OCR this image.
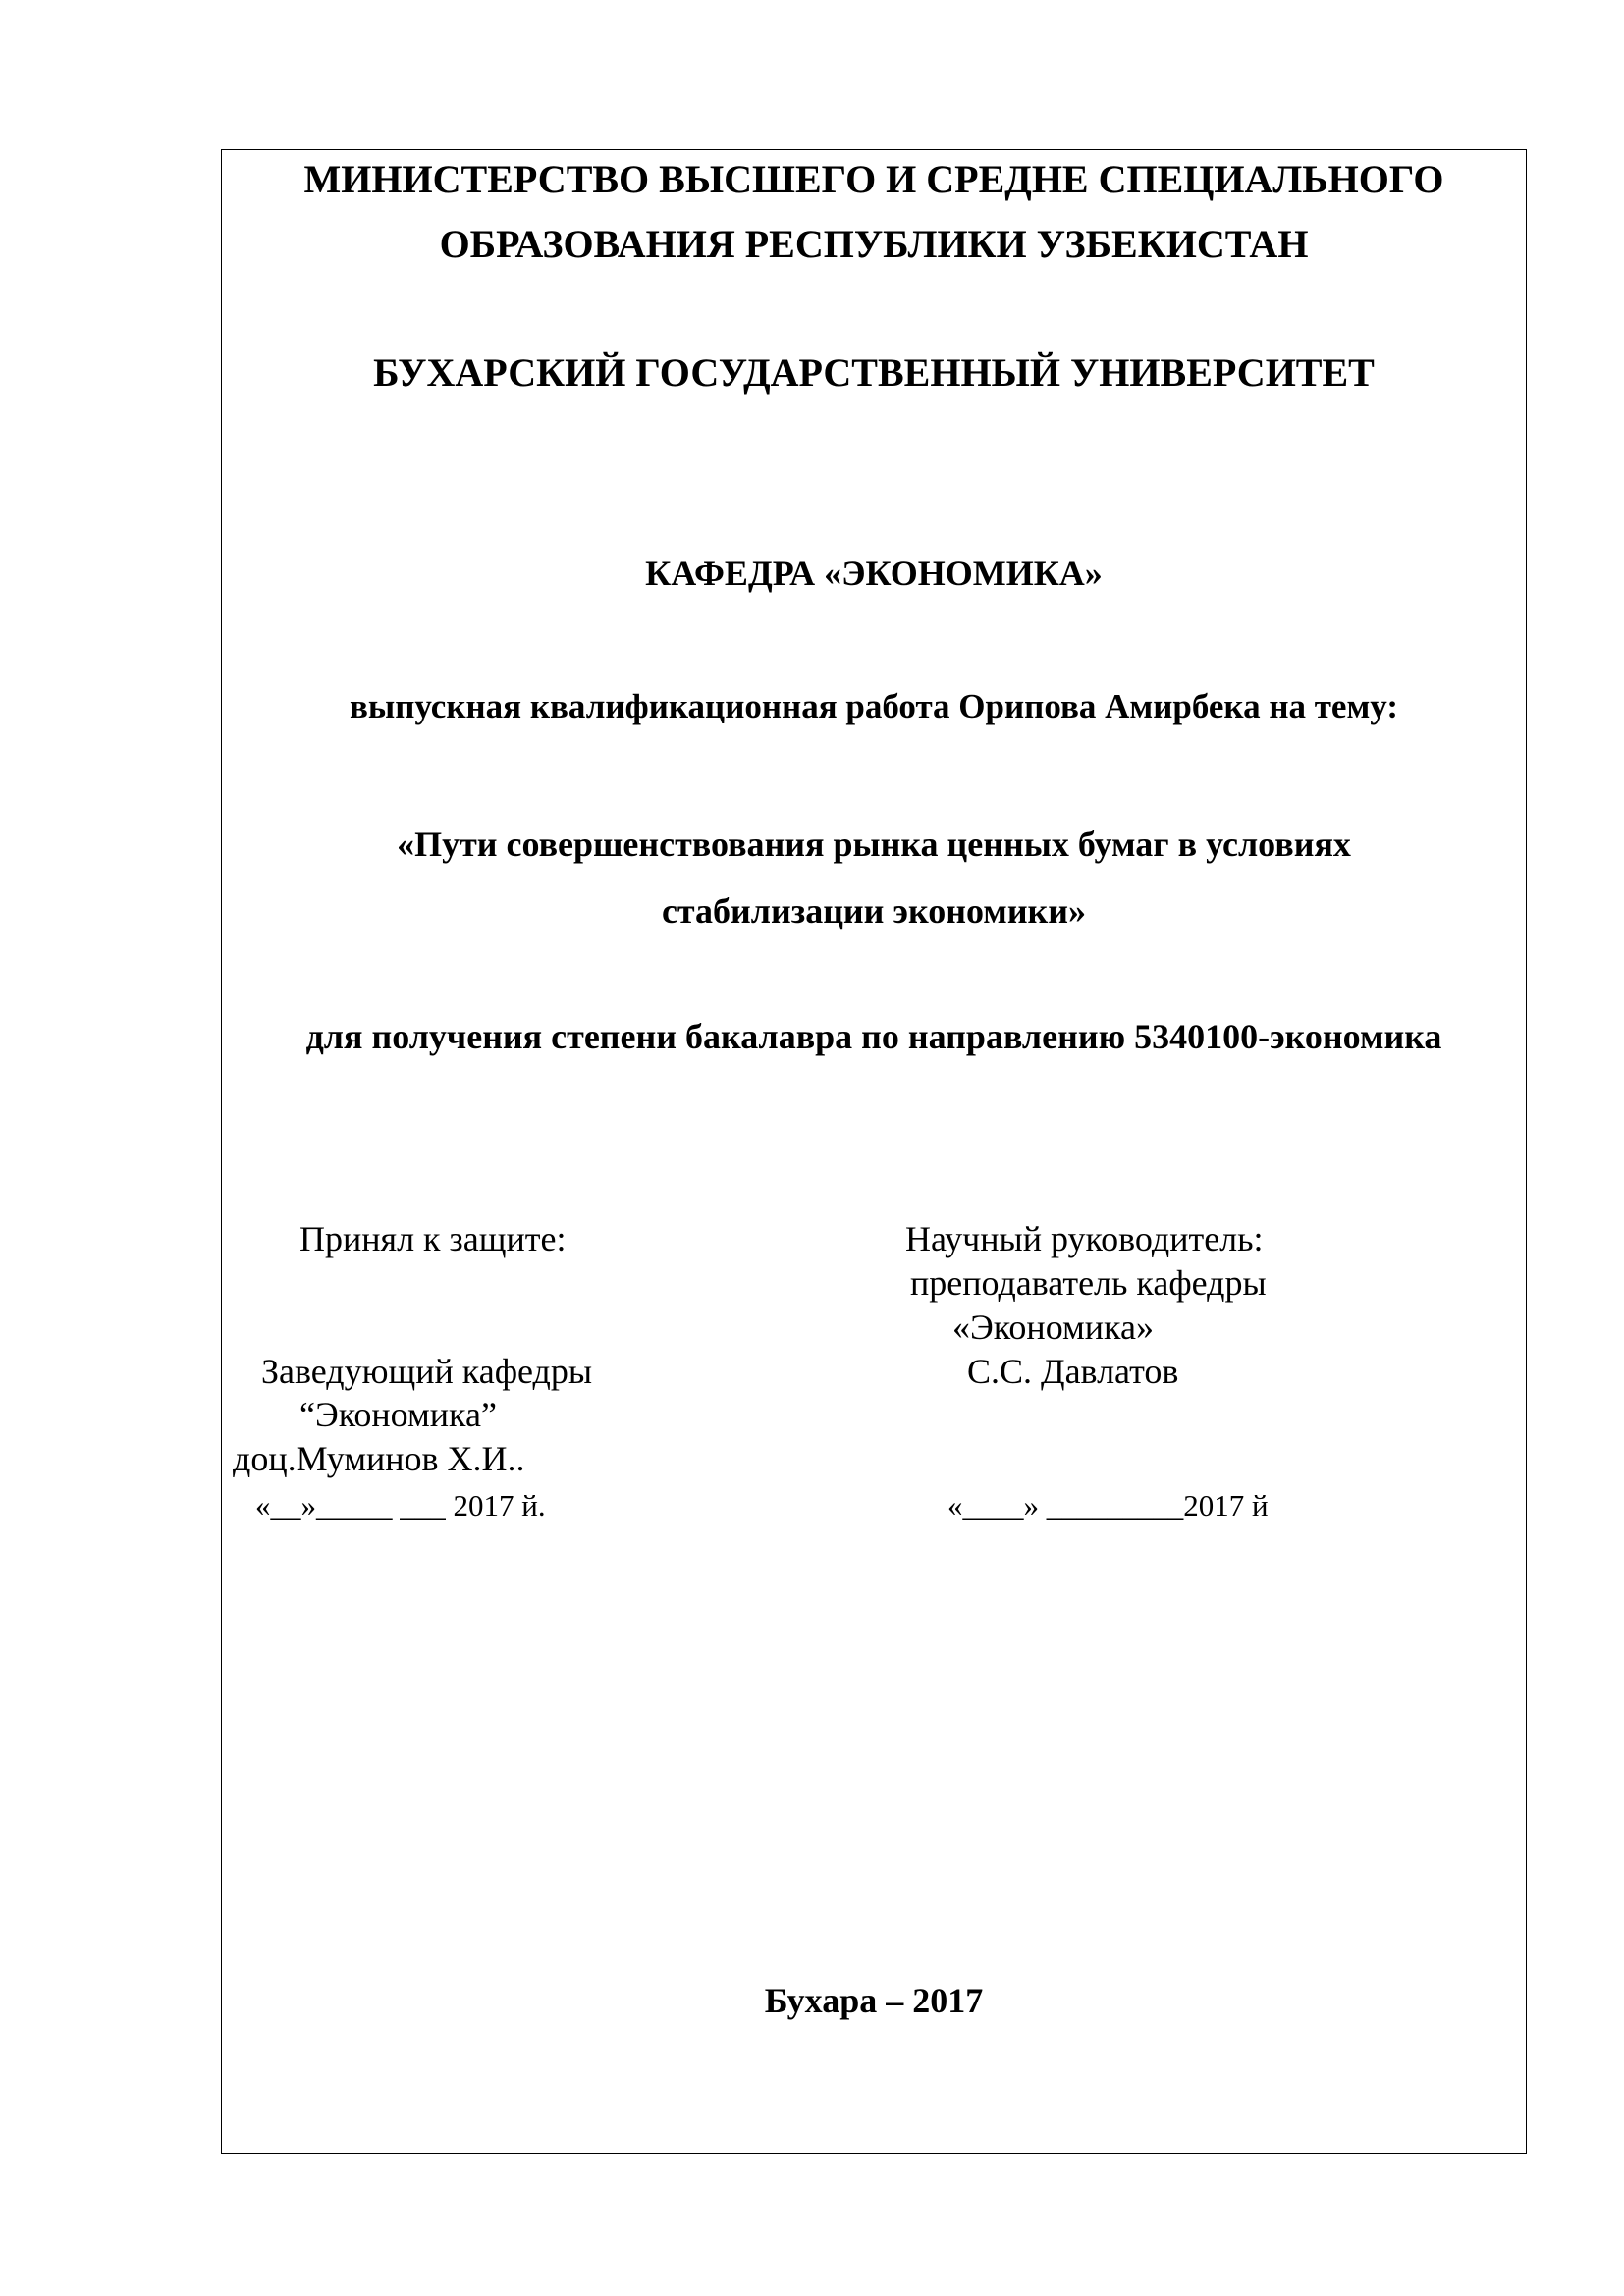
МИНИСТЕРСТВО ВЫСШЕГО И СРЕДНЕ СПЕЦИАЛЬНОГО
ОБРАЗОВАНИЯ РЕСПУБЛИКИ УЗБЕКИСТАН
БУХАРСКИЙ ГОСУДАРСТВЕННЫЙ УНИВЕРСИТЕТ
КАФЕДРА «ЭКОНОМИКА»
выпускная квалификационная работа Орипова Амирбека на тему:
«Пути совершенствования рынка ценных бумаг в условиях
стабилизации экономики»
для получения степени бакалавра по направлению 5340100-экономика
Принял к защите:
Заведующий кафедры
“Экономика”
доц.Муминов Х.И..
«__»_____ ___ 2017 й.
Научный руководитель:
преподаватель кафедры
«Экономика»
С.С. Давлатов
«____» _________2017 й
Бухара – 2017
